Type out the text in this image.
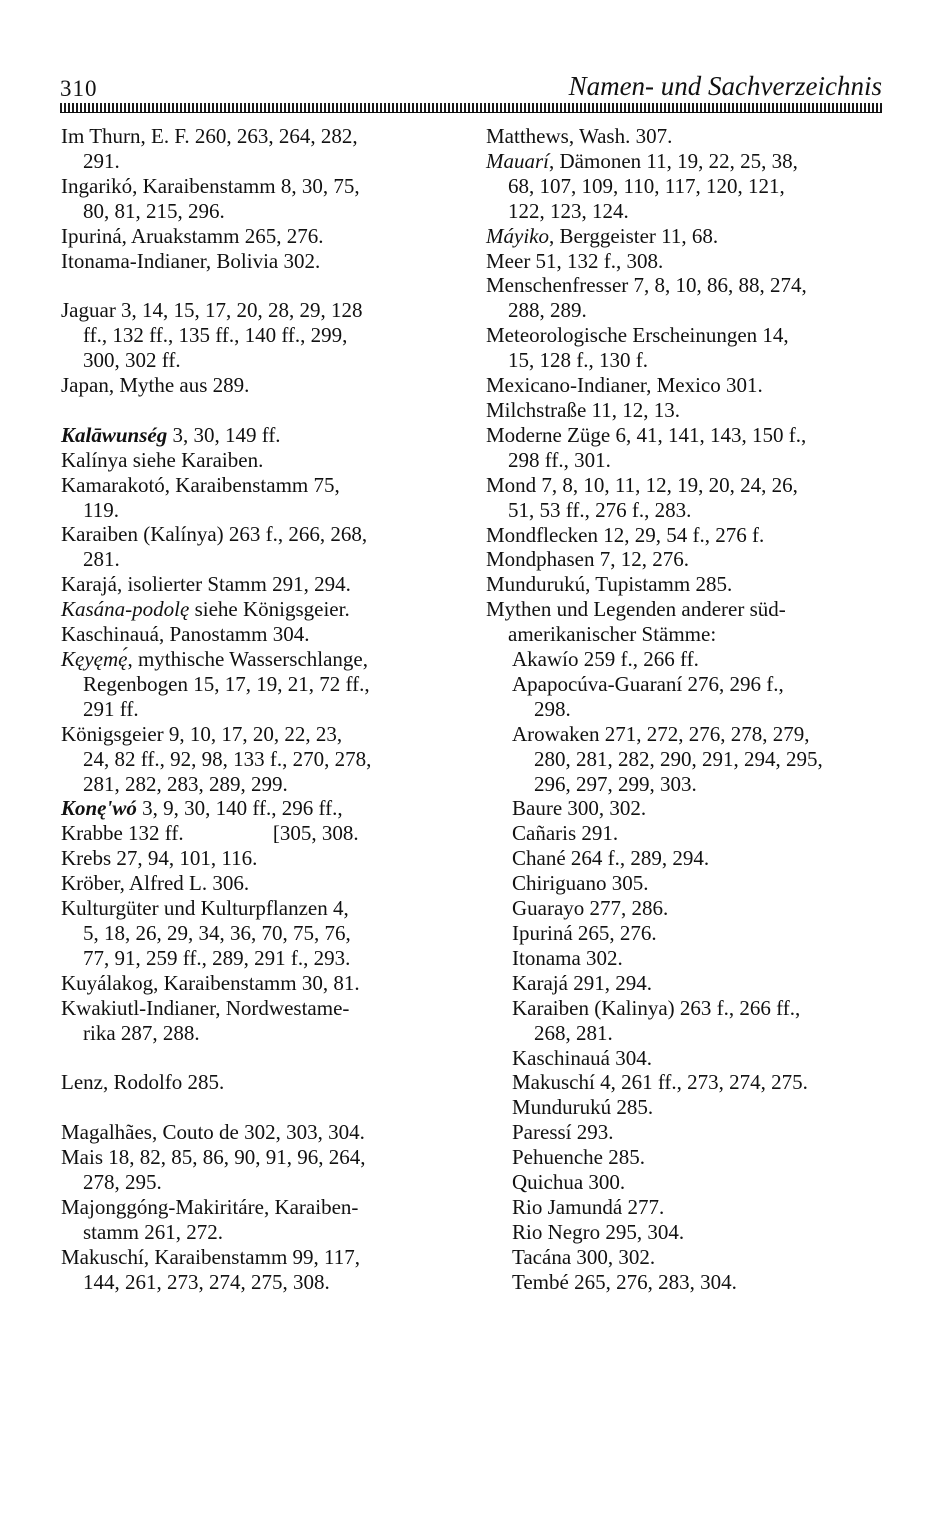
310	Namen- und Sachverzeichnis

Im Thurn, E. F. 260, 263, 264, 282,
291.

Ingarikó, Karaibenstamm 8, 30, 75,
80, 81, 215, 296.

Ipuriná, Aruakstamm 265, 276.

Itonama-Indianer, Bolivia 302.

Jaguar 3, 14, 15, 17, 20, 28, 29, 128
ff., 132 ff., 135 ff., 140 ff., 299,
300, 302 ff.

Japan, Mythe aus 289.

Kalāwunség 3, 30, 149 ff.

Kalínya siehe Karaiben.

Kamarakotó, Karaibenstamm 75,
119.

Karaiben (Kalínya) 263 f., 266, 268,
281.

Karajá, isolierter Stamm 291, 294.

Kasána-podolę siehe Königsgeier.

Kaschinauá, Panostamm 304.

Kęyęmę́, mythische Wasserschlange,
Regenbogen 15, 17, 19, 21, 72 ff.,
291 ff.

Königsgeier 9, 10, 17, 20, 22, 23,
24, 82 ff., 92, 98, 133 f., 270, 278,
281, 282, 283, 289, 299.

Konę'wó 3, 9, 30, 140 ff., 296 ff.,

Krabbe 132 ff.                 [305, 308.

Krebs 27, 94, 101, 116.

Kröber, Alfred L. 306.

Kulturgüter und Kulturpflanzen 4,
5, 18, 26, 29, 34, 36, 70, 75, 76,
77, 91, 259 ff., 289, 291 f., 293.

Kuyálakog, Karaibenstamm 30, 81.

Kwakiutl-Indianer, Nordwestame-
rika 287, 288.

Lenz, Rodolfo 285.

Magalhães, Couto de 302, 303, 304.

Mais 18, 82, 85, 86, 90, 91, 96, 264,
278, 295.

Majonggóng-Makiritáre, Karaiben-
stamm 261, 272.

Makuschí, Karaibenstamm 99, 117,
144, 261, 273, 274, 275, 308.

Matthews, Wash. 307.

Mauarí, Dämonen 11, 19, 22, 25, 38,
68, 107, 109, 110, 117, 120, 121,
122, 123, 124.

Máyiko, Berggeister 11, 68.

Meer 51, 132 f., 308.

Menschenfresser 7, 8, 10, 86, 88, 274,
288, 289.

Meteorologische Erscheinungen 14,
15, 128 f., 130 f.

Mexicano-Indianer, Mexico 301.

Milchstraße 11, 12, 13.

Moderne Züge 6, 41, 141, 143, 150 f.,
298 ff., 301.

Mond 7, 8, 10, 11, 12, 19, 20, 24, 26,
51, 53 ff., 276 f., 283.

Mondflecken 12, 29, 54 f., 276 f.

Mondphasen 7, 12, 276.

Mundurukú, Tupistamm 285.

Mythen und Legenden anderer süd-
amerikanischer Stämme:

Akawío 259 f., 266 ff.

Apapocúva-Guaraní 276, 296 f.,
298.

Arowaken 271, 272, 276, 278, 279,
280, 281, 282, 290, 291, 294, 295,
296, 297, 299, 303.

Baure 300, 302.

Cañaris 291.

Chané 264 f., 289, 294.

Chiriguano 305.

Guarayo 277, 286.

Ipuriná 265, 276.

Itonama 302.

Karajá 291, 294.

Karaiben (Kalinya) 263 f., 266 ff.,
268, 281.

Kaschinauá 304.

Makuschí 4, 261 ff., 273, 274, 275.

Mundurukú 285.

Paressí 293.

Pehuenche 285.

Quichua 300.

Rio Jamundá 277.

Rio Negro 295, 304.

Tacána 300, 302.

Tembé 265, 276, 283, 304.
